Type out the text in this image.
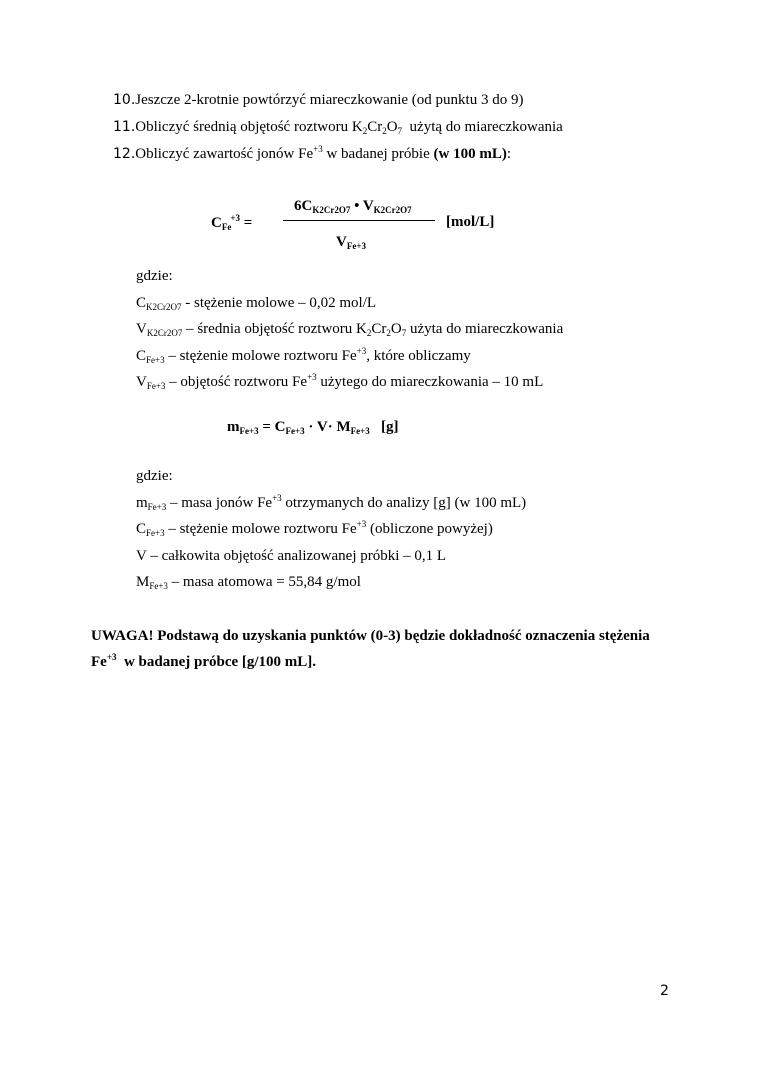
10.Jeszcze 2-krotnie powtórzyć miareczkowanie (od punktu 3 do 9)
11.Obliczyć średnią objętość roztworu $K_2Cr_2O_7$  użytą do miareczkowania
12.Obliczyć zawartość jonów $Fe^{+3}$ w badanej próbie (w 100 mL):
$6C_{K2Cr2O7}$ • $V_{K2Cr2O7}$
$C_{Fe}^{+3}$ =	[mol/L]
$V_{Fe+3}$
gdzie:
$C_{K2Cr2O7}$ - stężenie molowe – 0,02 mol/L
$V_{K2Cr2O7}$ – średnia objętość roztworu $K_2Cr_2O_7$ użyta do miareczkowania
$C_{Fe+3}$ – stężenie molowe roztworu $Fe^{+3}$, które obliczamy
$V_{Fe+3}$ – objętość roztworu $Fe^{+3}$ użytego do miareczkowania – 10 mL
$m_{Fe+3} = C_{Fe+3} \cdot V\cdot M_{Fe+3}$   [g]
gdzie:
$m_{Fe+3}$ – masa jonów $Fe^{+3}$ otrzymanych do analizy [g] (w 100 mL)
$C_{Fe+3}$ – stężenie molowe roztworu $Fe^{+3}$ (obliczone powyżej)
V – całkowita objętość analizowanej próbki – 0,1 L
$M_{Fe+3}$ – masa atomowa = 55,84 g/mol
UWAGA! Podstawą do uzyskania punktów (0-3) będzie dokładność oznaczenia stężenia
$Fe^{+3}$  w badanej próbce [g/100 mL].
2
